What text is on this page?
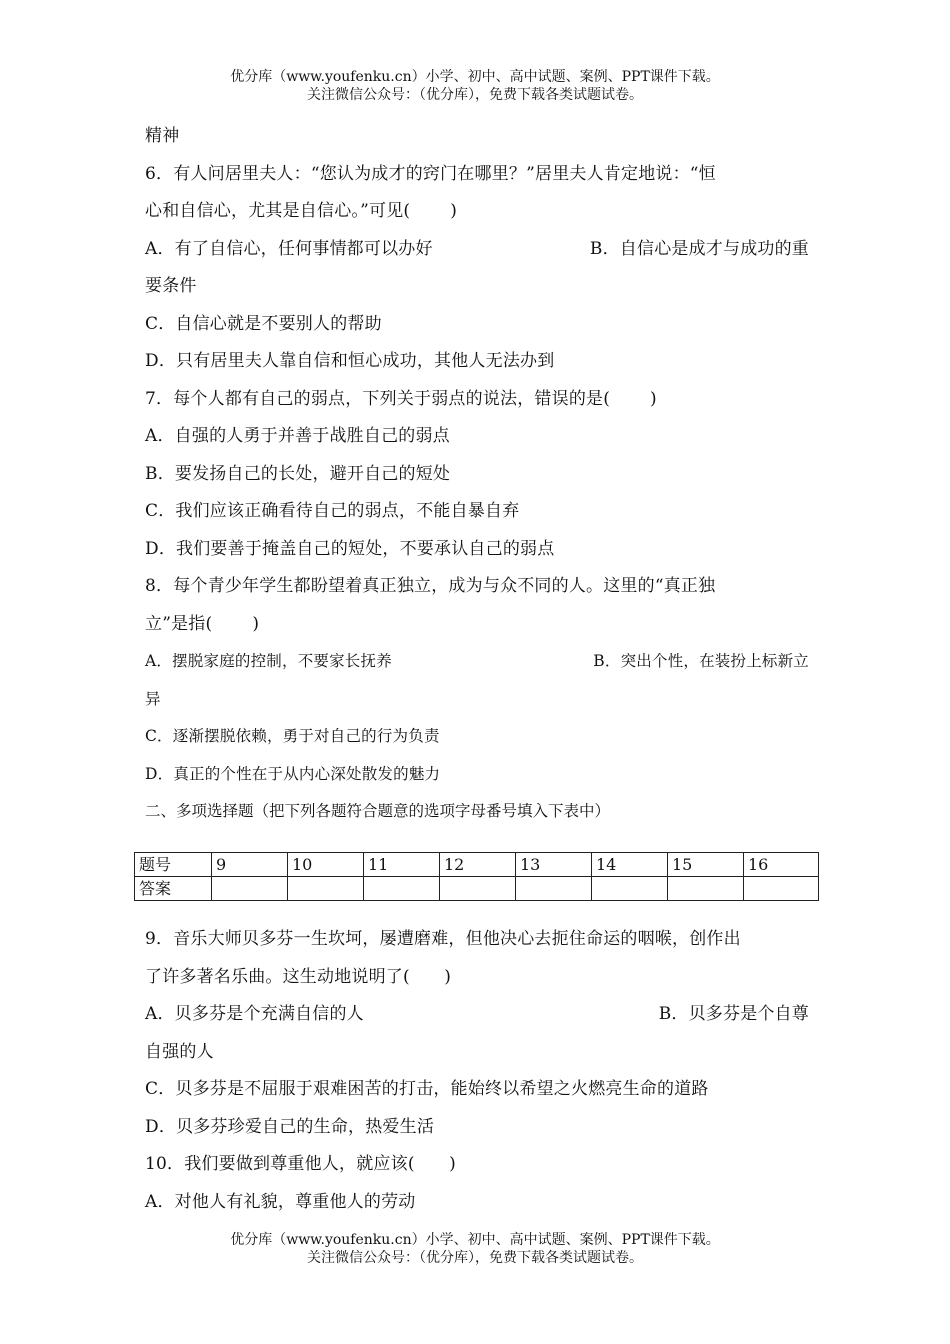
优分库（www.youfenku.cn）小学、初中、高中试题、案例、PPT课件下载。
关注微信公众号：（优分库），免费下载各类试题试卷。
精神
6．有人问居里夫人：“您认为成才的窍门在哪里？”居里夫人肯定地说：“恒
心和自信心，尤其是自信心。”可见(　　 )
A．有了自信心，任何事情都可以办好	B．自信心是成才与成功的重
要条件
C．自信心就是不要别人的帮助
D．只有居里夫人靠自信和恒心成功，其他人无法办到
7．每个人都有自己的弱点，下列关于弱点的说法，错误的是(　　 )
A．自强的人勇于并善于战胜自己的弱点
B．要发扬自己的长处，避开自己的短处
C．我们应该正确看待自己的弱点，不能自暴自弃
D．我们要善于掩盖自己的短处，不要承认自己的弱点
8．每个青少年学生都盼望着真正独立，成为与众不同的人。这里的“真正独
立”是指(　　 )
A．摆脱家庭的控制，不要家长抚养	B．突出个性，在装扮上标新立
异
C．逐渐摆脱依赖，勇于对自己的行为负责
D．真正的个性在于从内心深处散发的魅力
二、多项选择题（把下列各题符合题意的选项字母番号填入下表中）
题号	9	10	11	12	13	14	15	16
答案								
9．音乐大师贝多芬一生坎坷，屡遭磨难，但他决心去扼住命运的咽喉，创作出
了许多著名乐曲。这生动地说明了(　　)
A．贝多芬是个充满自信的人	B．贝多芬是个自尊
自强的人
C．贝多芬是不屈服于艰难困苦的打击，能始终以希望之火燃亮生命的道路
D．贝多芬珍爱自己的生命，热爱生活
10．我们要做到尊重他人，就应该(　　)
A．对他人有礼貌，尊重他人的劳动
优分库（www.youfenku.cn）小学、初中、高中试题、案例、PPT课件下载。
关注微信公众号：（优分库），免费下载各类试题试卷。
